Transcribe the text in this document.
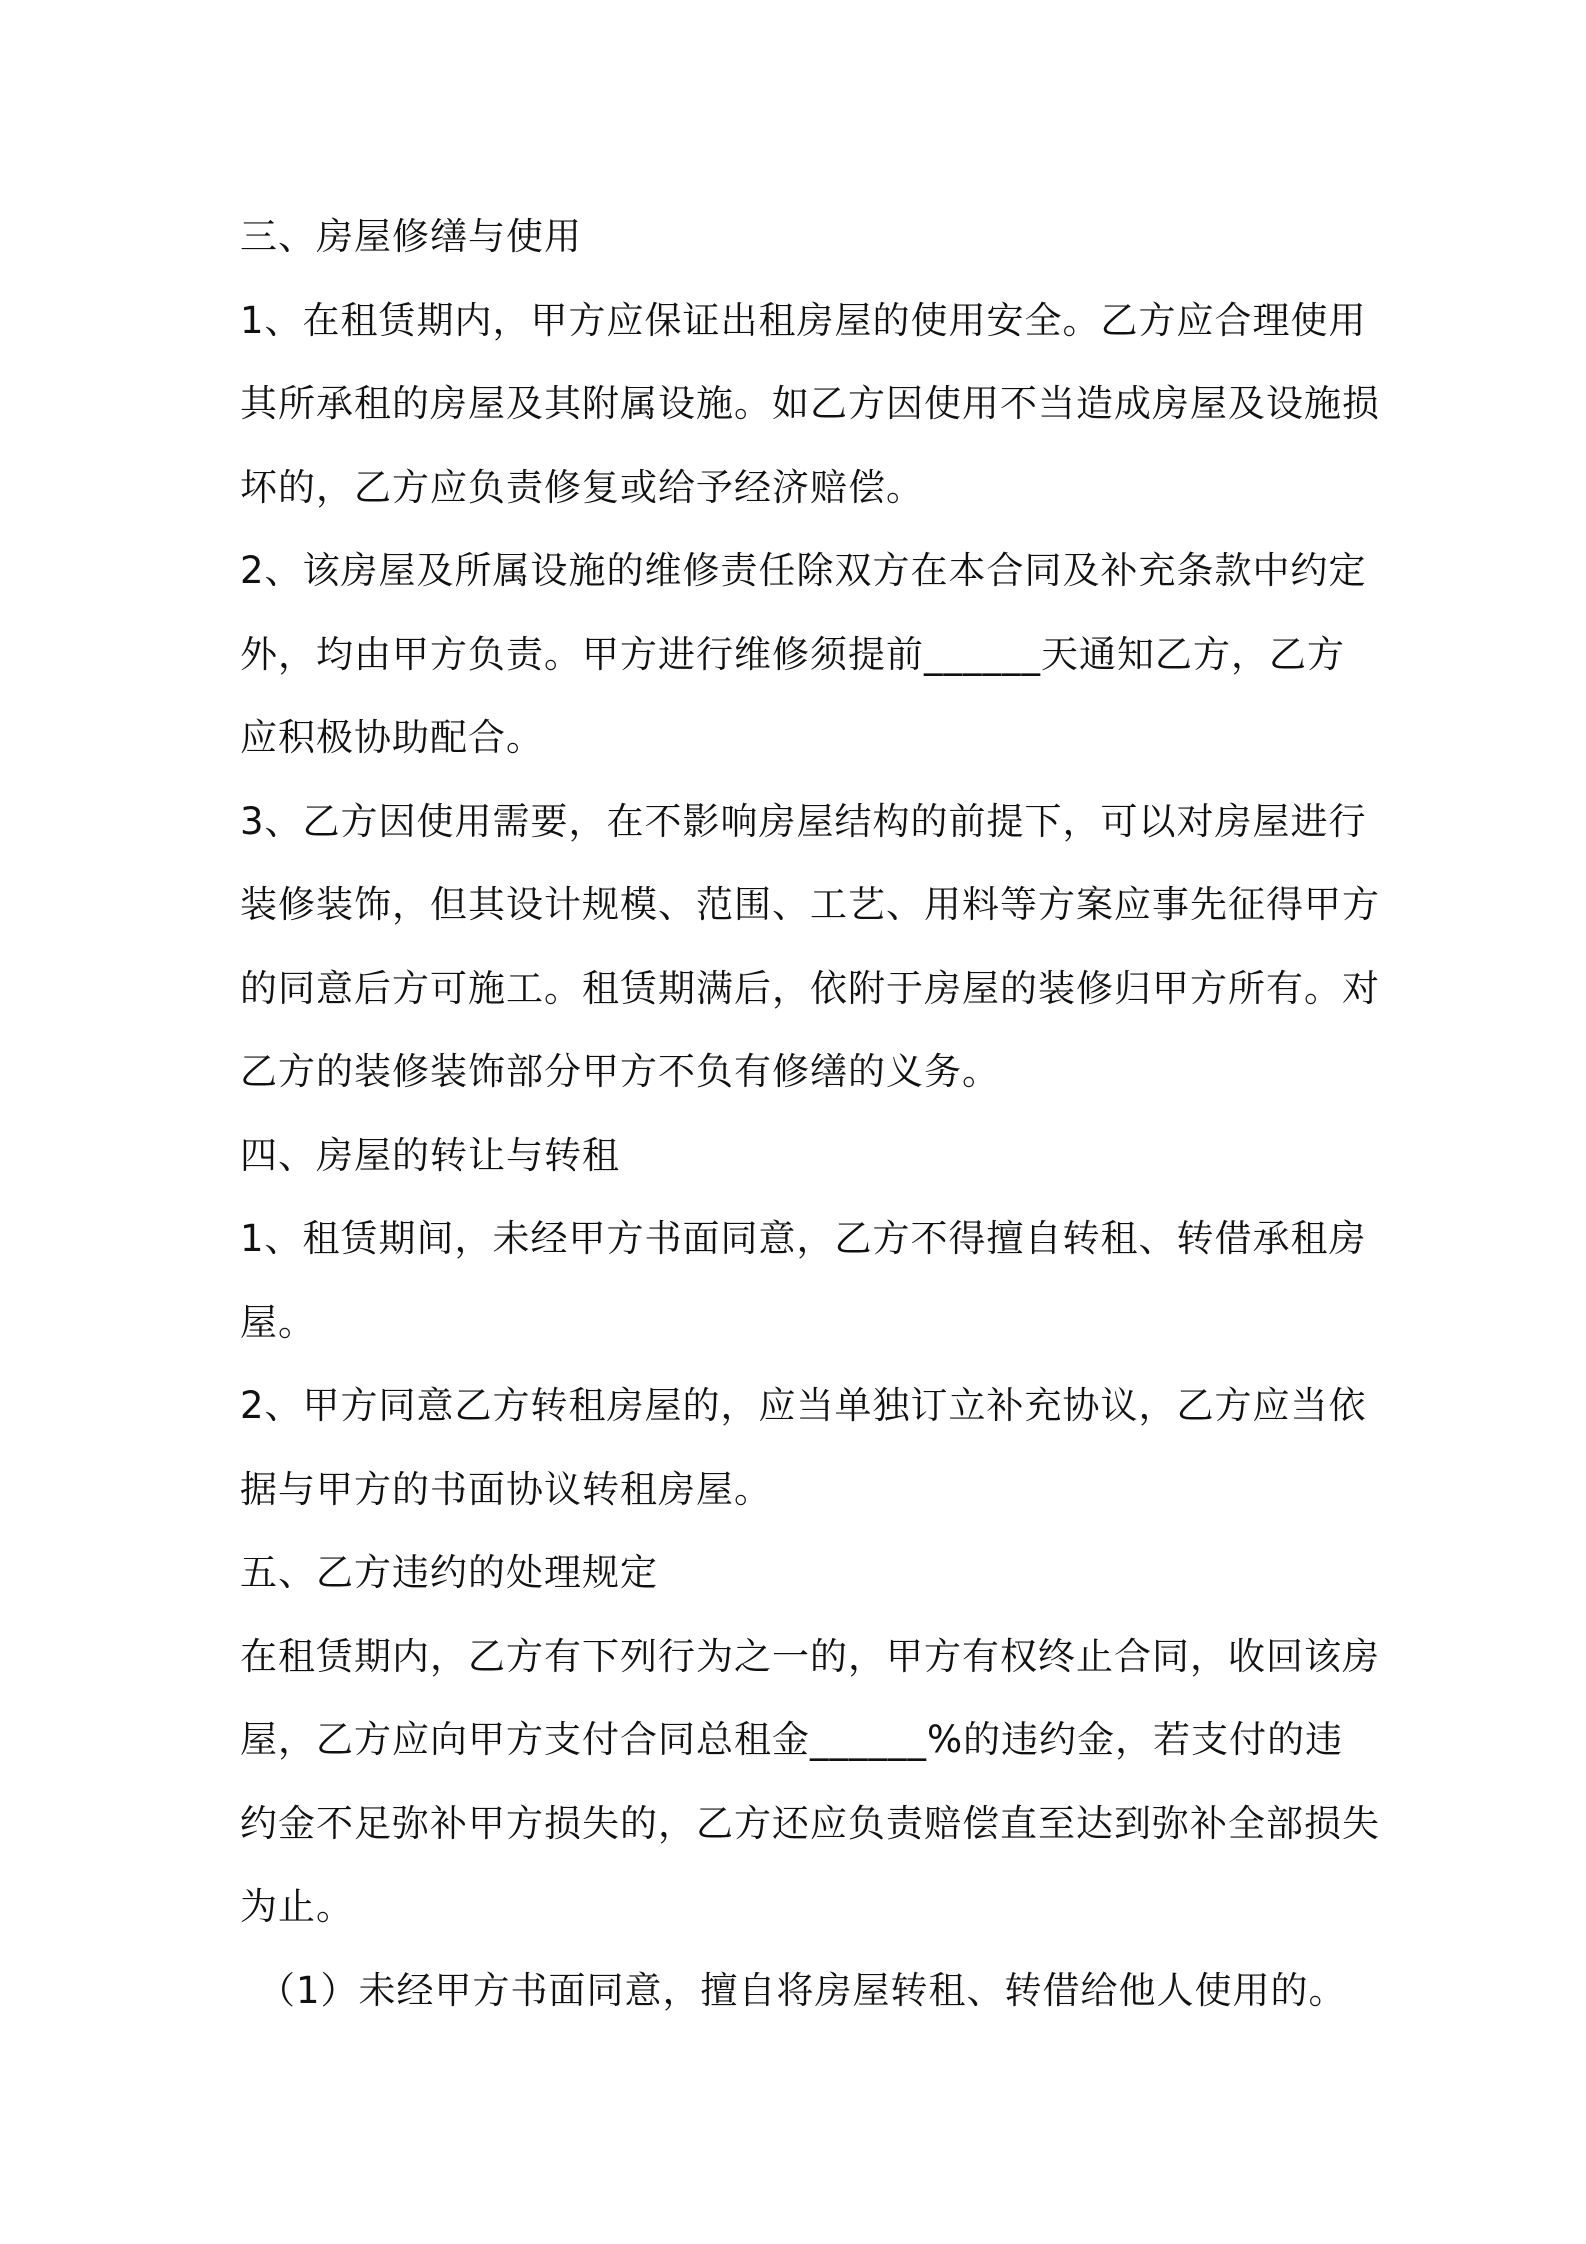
三、房屋修缮与使用
1、在租赁期内，甲方应保证出租房屋的使用安全。乙方应合理使用
其所承租的房屋及其附属设施。如乙方因使用不当造成房屋及设施损
坏的，乙方应负责修复或给予经济赔偿。
2、该房屋及所属设施的维修责任除双方在本合同及补充条款中约定
外，均由甲方负责。甲方进行维修须提前______天通知乙方，乙方
应积极协助配合。
3、乙方因使用需要，在不影响房屋结构的前提下，可以对房屋进行
装修装饰，但其设计规模、范围、工艺、用料等方案应事先征得甲方
的同意后方可施工。租赁期满后，依附于房屋的装修归甲方所有。对
乙方的装修装饰部分甲方不负有修缮的义务。
四、房屋的转让与转租
1、租赁期间，未经甲方书面同意，乙方不得擅自转租、转借承租房
屋。
2、甲方同意乙方转租房屋的，应当单独订立补充协议，乙方应当依
据与甲方的书面协议转租房屋。
五、乙方违约的处理规定
在租赁期内，乙方有下列行为之一的，甲方有权终止合同，收回该房
屋，乙方应向甲方支付合同总租金______%的违约金，若支付的违
约金不足弥补甲方损失的，乙方还应负责赔偿直至达到弥补全部损失
为止。
（1）未经甲方书面同意，擅自将房屋转租、转借给他人使用的。
